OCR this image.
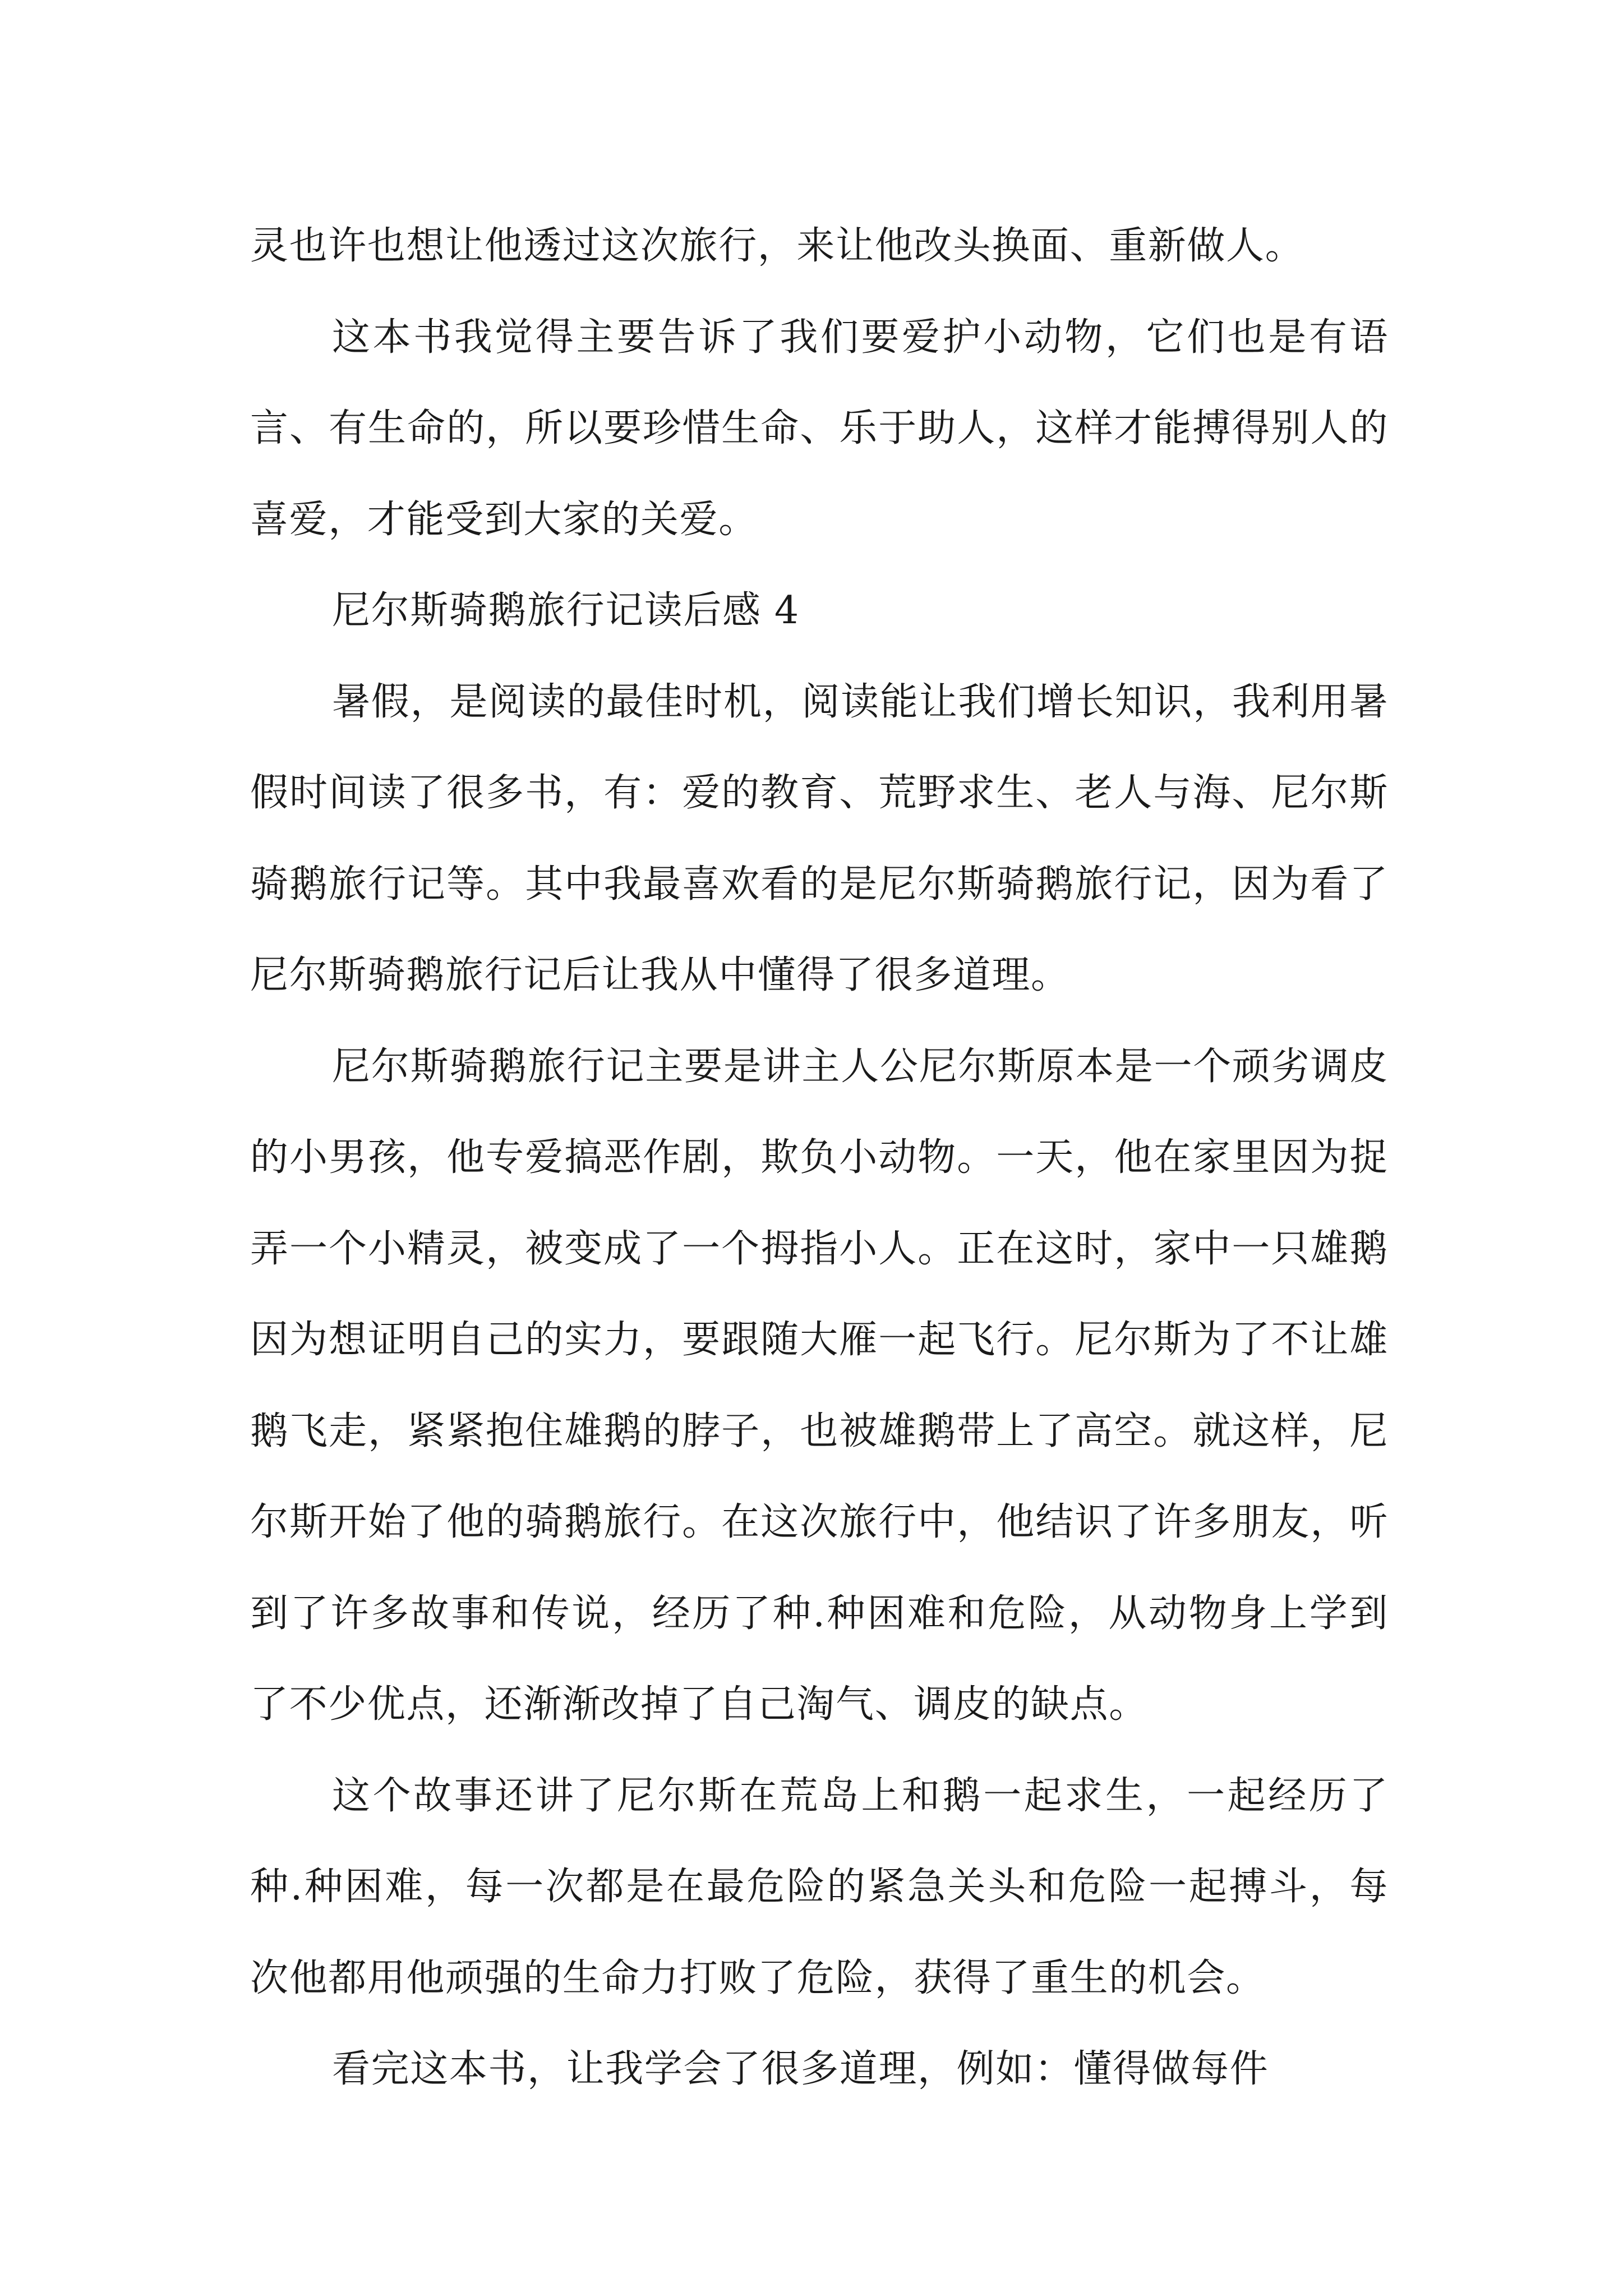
灵也许也想让他透过这次旅行，来让他改头换面、重新做人。

这本书我觉得主要告诉了我们要爱护小动物，它们也是有语言、有生命的，所以要珍惜生命、乐于助人，这样才能搏得别人的喜爱，才能受到大家的关爱。

尼尔斯骑鹅旅行记读后感 4

暑假，是阅读的最佳时机，阅读能让我们增长知识，我利用暑假时间读了很多书，有：爱的教育、荒野求生、老人与海、尼尔斯骑鹅旅行记等。其中我最喜欢看的是尼尔斯骑鹅旅行记，因为看了尼尔斯骑鹅旅行记后让我从中懂得了很多道理。

尼尔斯骑鹅旅行记主要是讲主人公尼尔斯原本是一个顽劣调皮的小男孩，他专爱搞恶作剧，欺负小动物。一天，他在家里因为捉弄一个小精灵，被变成了一个拇指小人。正在这时，家中一只雄鹅因为想证明自己的实力，要跟随大雁一起飞行。尼尔斯为了不让雄鹅飞走，紧紧抱住雄鹅的脖子，也被雄鹅带上了高空。就这样，尼尔斯开始了他的骑鹅旅行。在这次旅行中，他结识了许多朋友，听到了许多故事和传说，经历了种.种困难和危险，从动物身上学到了不少优点，还渐渐改掉了自己淘气、调皮的缺点。

这个故事还讲了尼尔斯在荒岛上和鹅一起求生，一起经历了种.种困难，每一次都是在最危险的紧急关头和危险一起搏斗，每次他都用他顽强的生命力打败了危险，获得了重生的机会。

看完这本书，让我学会了很多道理，例如：懂得做每件
